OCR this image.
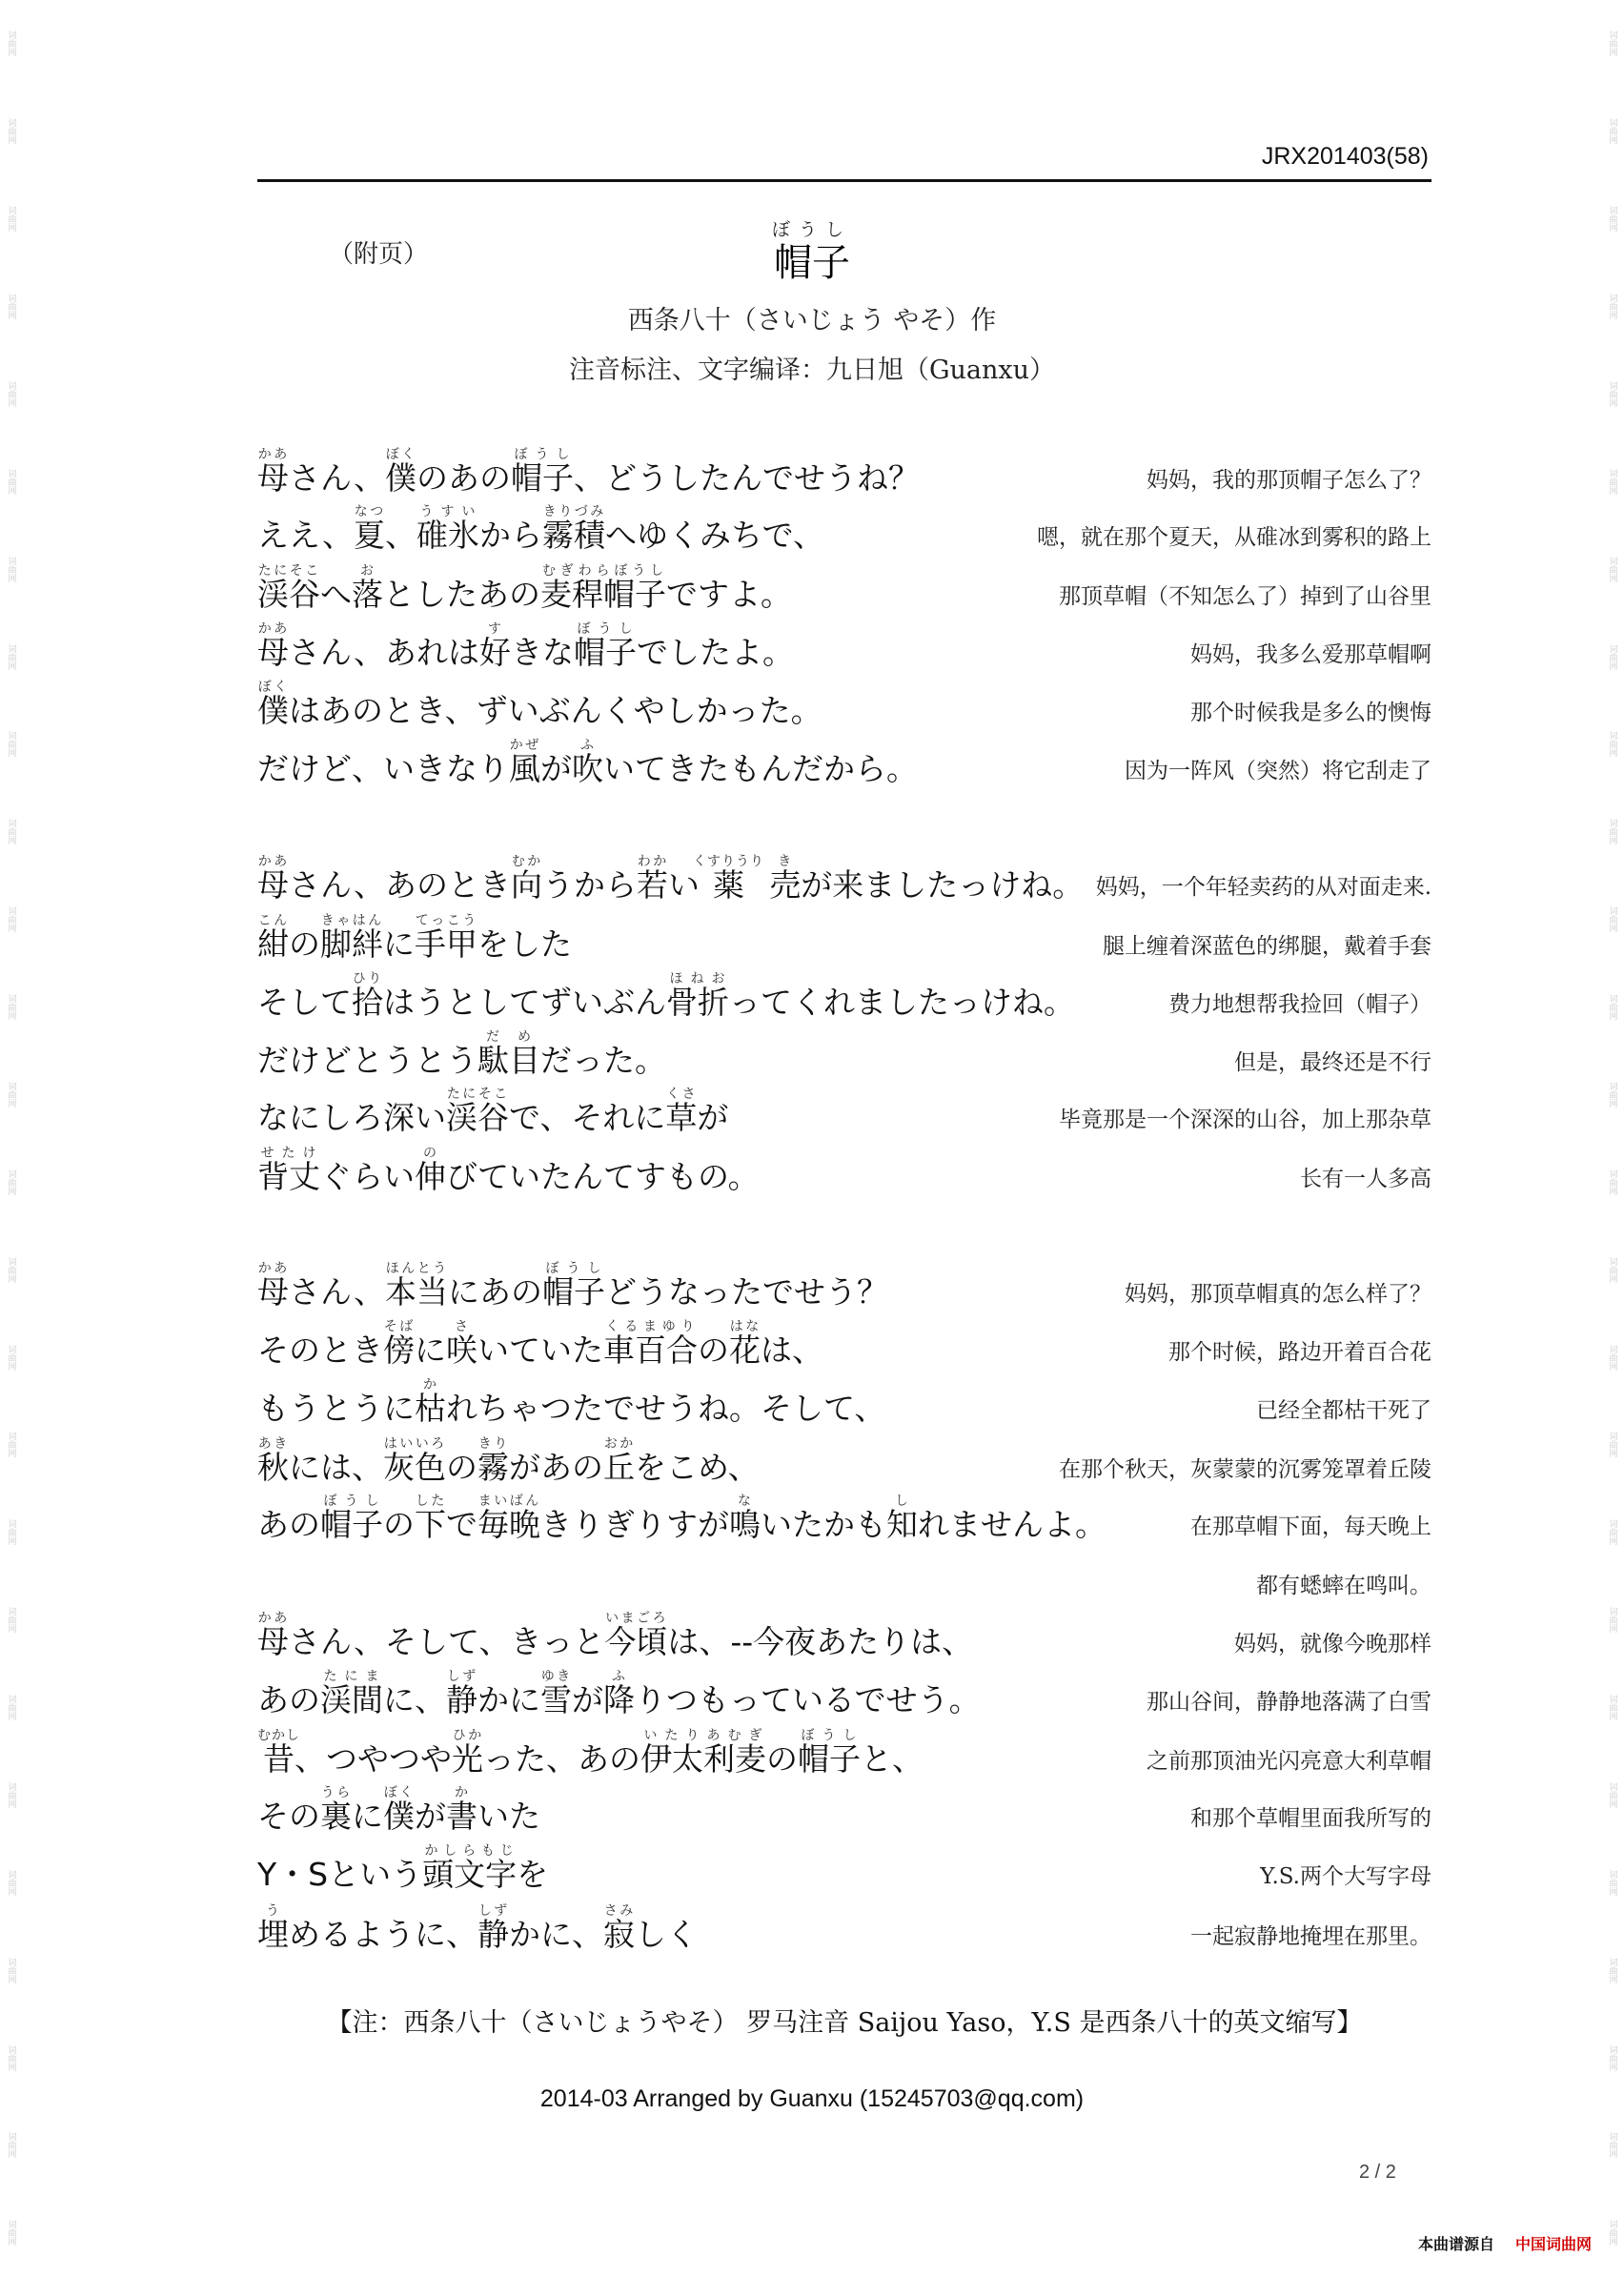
词曲网
词曲网
词曲网
词曲网
词曲网
词曲网
词曲网
词曲网
词曲网
词曲网
词曲网
词曲网
词曲网
词曲网
词曲网
词曲网
词曲网
词曲网
词曲网
词曲网
词曲网
词曲网
词曲网
词曲网
词曲网
词曲网
词曲网
词曲网
词曲网
词曲网
词曲网
词曲网
词曲网
词曲网
词曲网
词曲网
词曲网
词曲网
词曲网
词曲网
词曲网
词曲网
词曲网
词曲网
词曲网
词曲网
词曲网
词曲网
词曲网
词曲网
词曲网
词曲网
JRX201403(58)
（附页）
ぼうし
帽子
西条八十（さいじょう やそ）作
注音标注、文字编译：九日旭（Guanxu）
母かあさん、僕ぼくのあの帽子ぼうし、どうしたんでせうね？	妈妈，我的那顶帽子怎么了？
ええ、夏なつ、碓氷うすいから霧積きりづみへゆくみちで、	嗯，就在那个夏天，从碓冰到雾积的路上
渓谷たにそこへ落おとしたあの麦稈帽子むぎわらぼうしですよ。	那顶草帽（不知怎么了）掉到了山谷里
母かあさん、あれは好すきな帽子ぼうしでしたよ。	妈妈，我多么爱那草帽啊
僕ぼくはあのとき、ずいぶんくやしかった。	那个时候我是多么的懊悔
だけど、いきなり風かぜが吹ふいてきたもんだから。	因为一阵风（突然）将它刮走了
母かあさん、あのとき向むかうから若わかい薬くすりうり 売きが来ましたっけね。 妈妈，一个年轻卖药的从对面走来.
紺こんの脚絆きゃはんに手甲てっこうをした	腿上缠着深蓝色的绑腿，戴着手套
そして拾ひりはうとしてずいぶん骨折ほねおってくれましたっけね。	费力地想帮我捡回（帽子）
だけどとうとう駄目だめだった。	但是，最终还是不行
なにしろ深い渓谷たにそこで、それに草くさが	毕竟那是一个深深的山谷，加上那杂草
背丈せたけぐらい伸のびていたんてすもの。	长有一人多高
母かあさん、本当ほんとうにあの帽子ぼうしどうなったでせう？	妈妈，那顶草帽真的怎么样了？
そのとき傍そばに咲さいていた車百合くるまゆりの花はなは、	那个时候，路边开着百合花
もうとうに枯かれちゃつたでせうね。そして、	已经全都枯干死了
秋あきには、灰色はいいろの霧きりがあの丘おかをこめ、	在那个秋天，灰蒙蒙的沉雾笼罩着丘陵
あの帽子ぼうしの下したで毎晩まいばんきりぎりすが鳴ないたかも知しれませんよ。	在那草帽下面，每天晚上
都有蟋蟀在鸣叫。
母かあさん、そして、きっと今頃いまごろは、--今夜あたりは、	妈妈，就像今晚那样
あの渓間たにまに、静しずかに雪ゆきが降ふりつもっているでせう。	那山谷间，静静地落满了白雪
昔むかし、つやつや光ひかった、あの伊太利麦いたりあむぎの帽子ぼうしと、	之前那顶油光闪亮意大利草帽
その裏うらに僕ぼくが書かいた	和那个草帽里面我所写的
Y・Sという頭文字かしらもじを	Y.S.两个大写字母
埋うめるように、静しずかに、寂さみしく	一起寂静地掩埋在那里。
【注：西条八十（さいじょうやそ） 罗马注音 Saijou Yaso，Y.S 是西条八十的英文缩写】
2014-03 Arranged by Guanxu (15245703@qq.com)
2 / 2
本曲谱源自 中国词曲网
